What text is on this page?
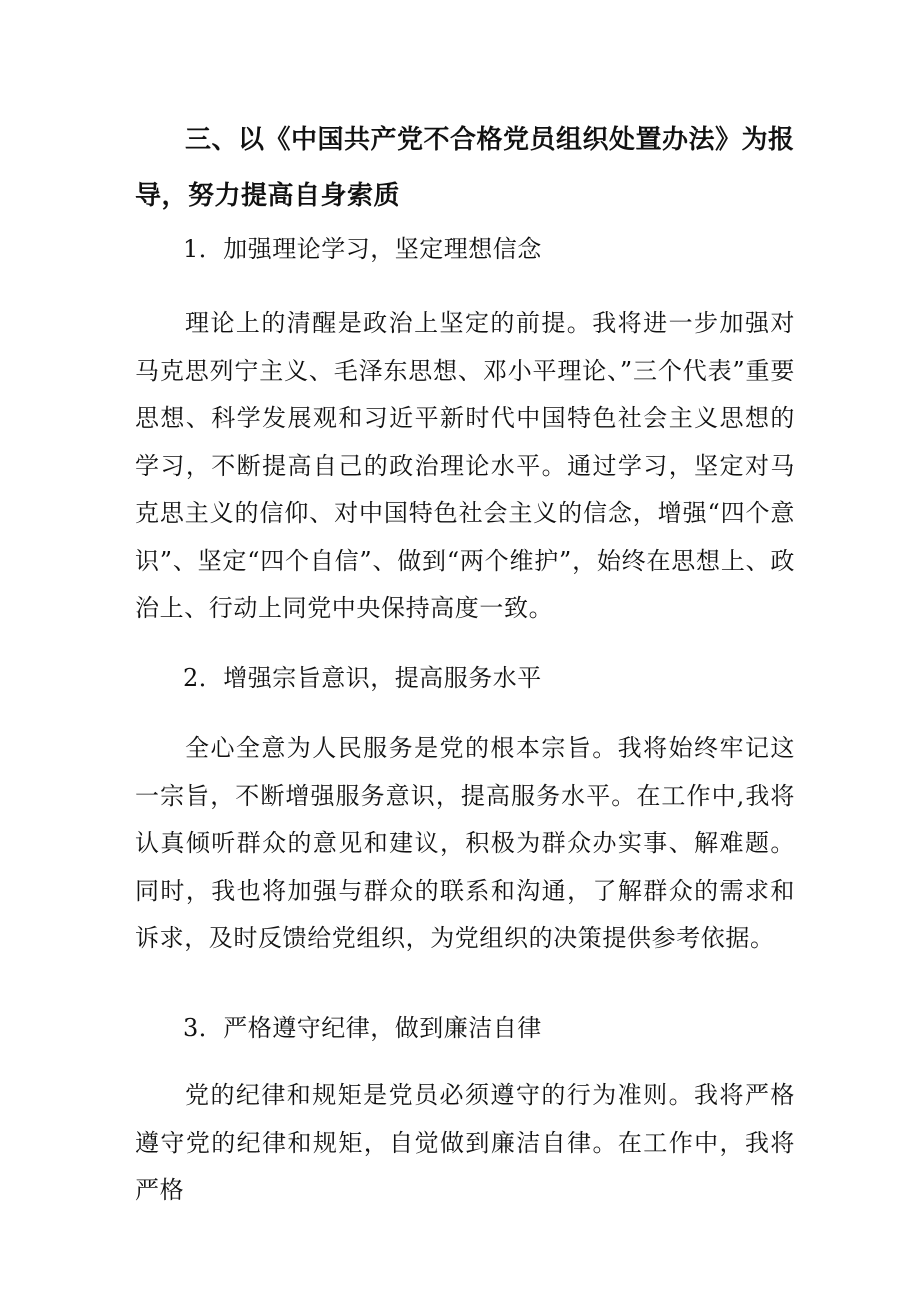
三、以《中国共产党不合格党员组织处置办法》为报导，努力提高自身索质

1．加强理论学习，坚定理想信念

理论上的清醒是政治上坚定的前提。我将进一步加强对马克思列宁主义、毛泽东思想、邓小平理论、”三个代表”重要思想、科学发展观和习近平新时代中国特色社会主义思想的学习，不断提高自己的政治理论水平。通过学习，坚定对马克思主义的信仰、对中国特色社会主义的信念，增强“四个意识”、坚定“四个自信”、做到“两个维护”，始终在思想上、政治上、行动上同党中央保持高度一致。

2．增强宗旨意识，提高服务水平

全心全意为人民服务是党的根本宗旨。我将始终牢记这一宗旨，不断增强服务意识，提高服务水平。在工作中,我将认真倾听群众的意见和建议，积极为群众办实事、解难题。同时，我也将加强与群众的联系和沟通，了解群众的需求和诉求，及时反馈给党组织，为党组织的决策提供参考依据。

3．严格遵守纪律，做到廉洁自律

党的纪律和规矩是党员必须遵守的行为准则。我将严格遵守党的纪律和规矩，自觉做到廉洁自律。在工作中，我将严格
